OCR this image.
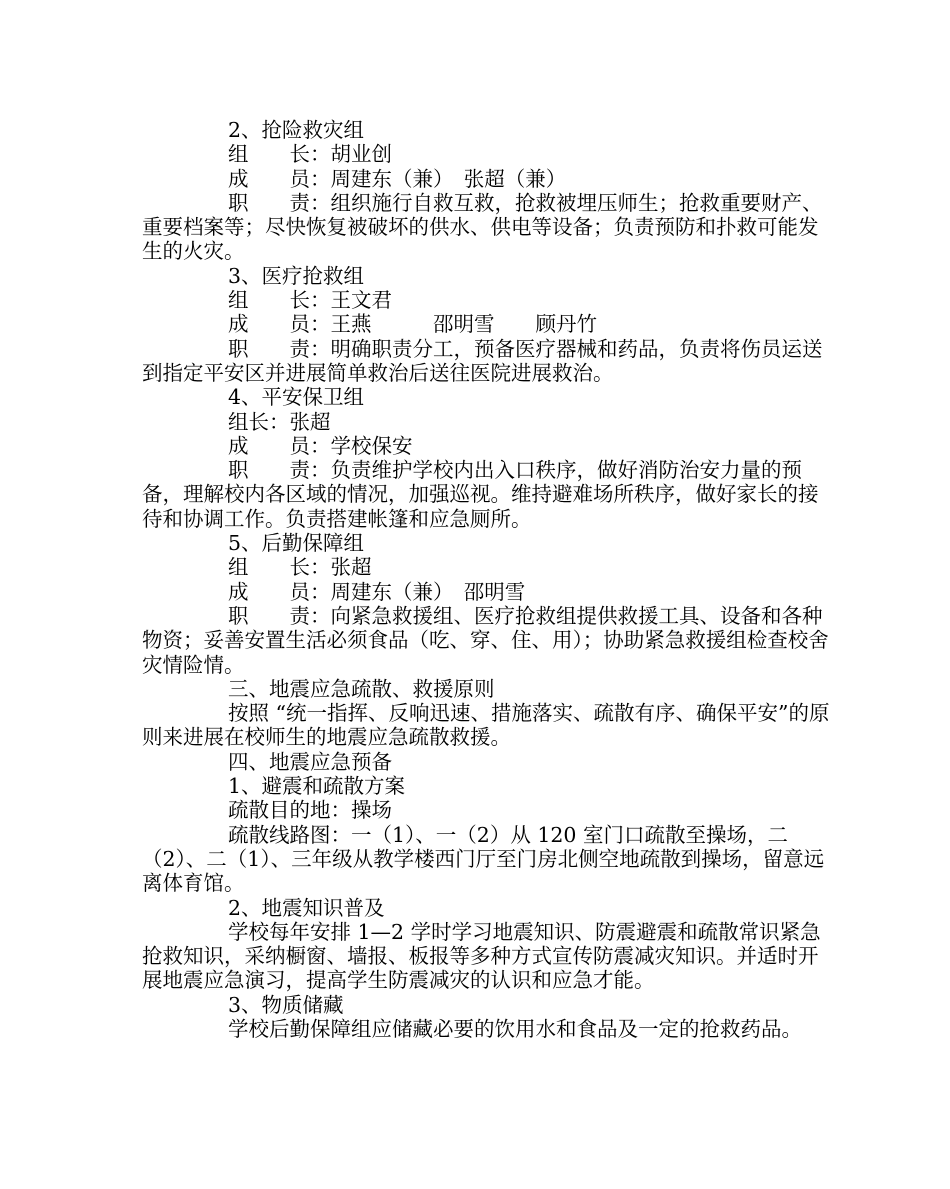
2、抢险救灾组

组　　长：胡业创

成　　员：周建东（兼）　张超（兼）

职　　责：组织施行自救互救，抢救被埋压师生；抢救重要财产、重要档案等；尽快恢复被破坏的供水、供电等设备；负责预防和扑救可能发生的火灾。

3、医疗抢救组

组　　长：王文君

成　　员：王燕　　　邵明雪　　顾丹竹

职　　责：明确职责分工，预备医疗器械和药品，负责将伤员运送到指定平安区并进展简单救治后送往医院进展救治。

4、平安保卫组

组长：张超

成　　员：学校保安

职　　责：负责维护学校内出入口秩序，做好消防治安力量的预备，理解校内各区域的情况，加强巡视。维持避难场所秩序，做好家长的接待和协调工作。负责搭建帐篷和应急厕所。

5、后勤保障组

组　　长：张超

成　　员：周建东（兼）　邵明雪

职　　责：向紧急救援组、医疗抢救组提供救援工具、设备和各种物资；妥善安置生活必须食品（吃、穿、住、用）；协助紧急救援组检查校舍灾情险情。

三、地震应急疏散、救援原则

按照 “统一指挥、反响迅速、措施落实、疏散有序、确保平安”的原则来进展在校师生的地震应急疏散救援。

四、地震应急预备

1、避震和疏散方案

疏散目的地：操场

疏散线路图：一（1）、一（2）从 120 室门口疏散至操场，二（2）、二（1）、三年级从教学楼西门厅至门房北侧空地疏散到操场，留意远离体育馆。

2、地震知识普及

学校每年安排 1—2 学时学习地震知识、防震避震和疏散常识紧急抢救知识，采纳橱窗、墙报、板报等多种方式宣传防震减灾知识。并适时开展地震应急演习，提高学生防震减灾的认识和应急才能。

3、物质储藏

学校后勤保障组应储藏必要的饮用水和食品及一定的抢救药品。
